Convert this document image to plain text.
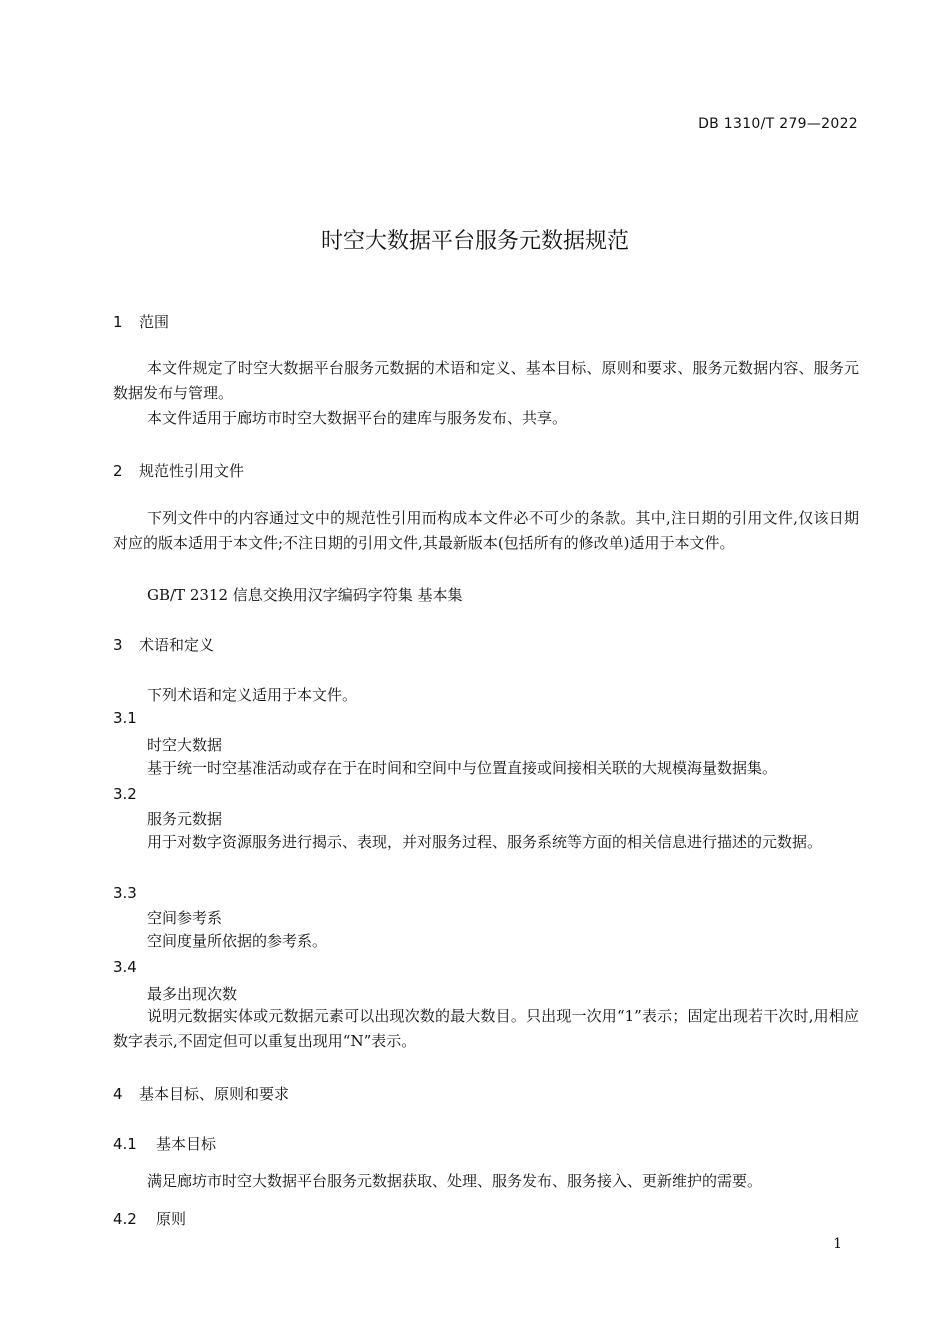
DB 1310/T 279—2022
时空大数据平台服务元数据规范
1 范围
本文件规定了时空大数据平台服务元数据的术语和定义、基本目标、原则和要求、服务元数据内容、服务元数据发布与管理。
本文件适用于廊坊市时空大数据平台的建库与服务发布、共享。
2 规范性引用文件
下列文件中的内容通过文中的规范性引用而构成本文件必不可少的条款。其中,注日期的引用文件,仅该日期对应的版本适用于本文件;不注日期的引用文件,其最新版本(包括所有的修改单)适用于本文件。
GB/T 2312 信息交换用汉字编码字符集 基本集
3 术语和定义
下列术语和定义适用于本文件。
3.1
时空大数据
基于统一时空基准活动或存在于在时间和空间中与位置直接或间接相关联的大规模海量数据集。
3.2
服务元数据
用于对数字资源服务进行揭示、表现，并对服务过程、服务系统等方面的相关信息进行描述的元数据。
3.3
空间参考系
空间度量所依据的参考系。
3.4
最多出现次数
说明元数据实体或元数据元素可以出现次数的最大数目。只出现一次用“1”表示；固定出现若干次时,用相应数字表示,不固定但可以重复出现用“N”表示。
4 基本目标、原则和要求
4.1 基本目标
满足廊坊市时空大数据平台服务元数据获取、处理、服务发布、服务接入、更新维护的需要。
4.2 原则
1
